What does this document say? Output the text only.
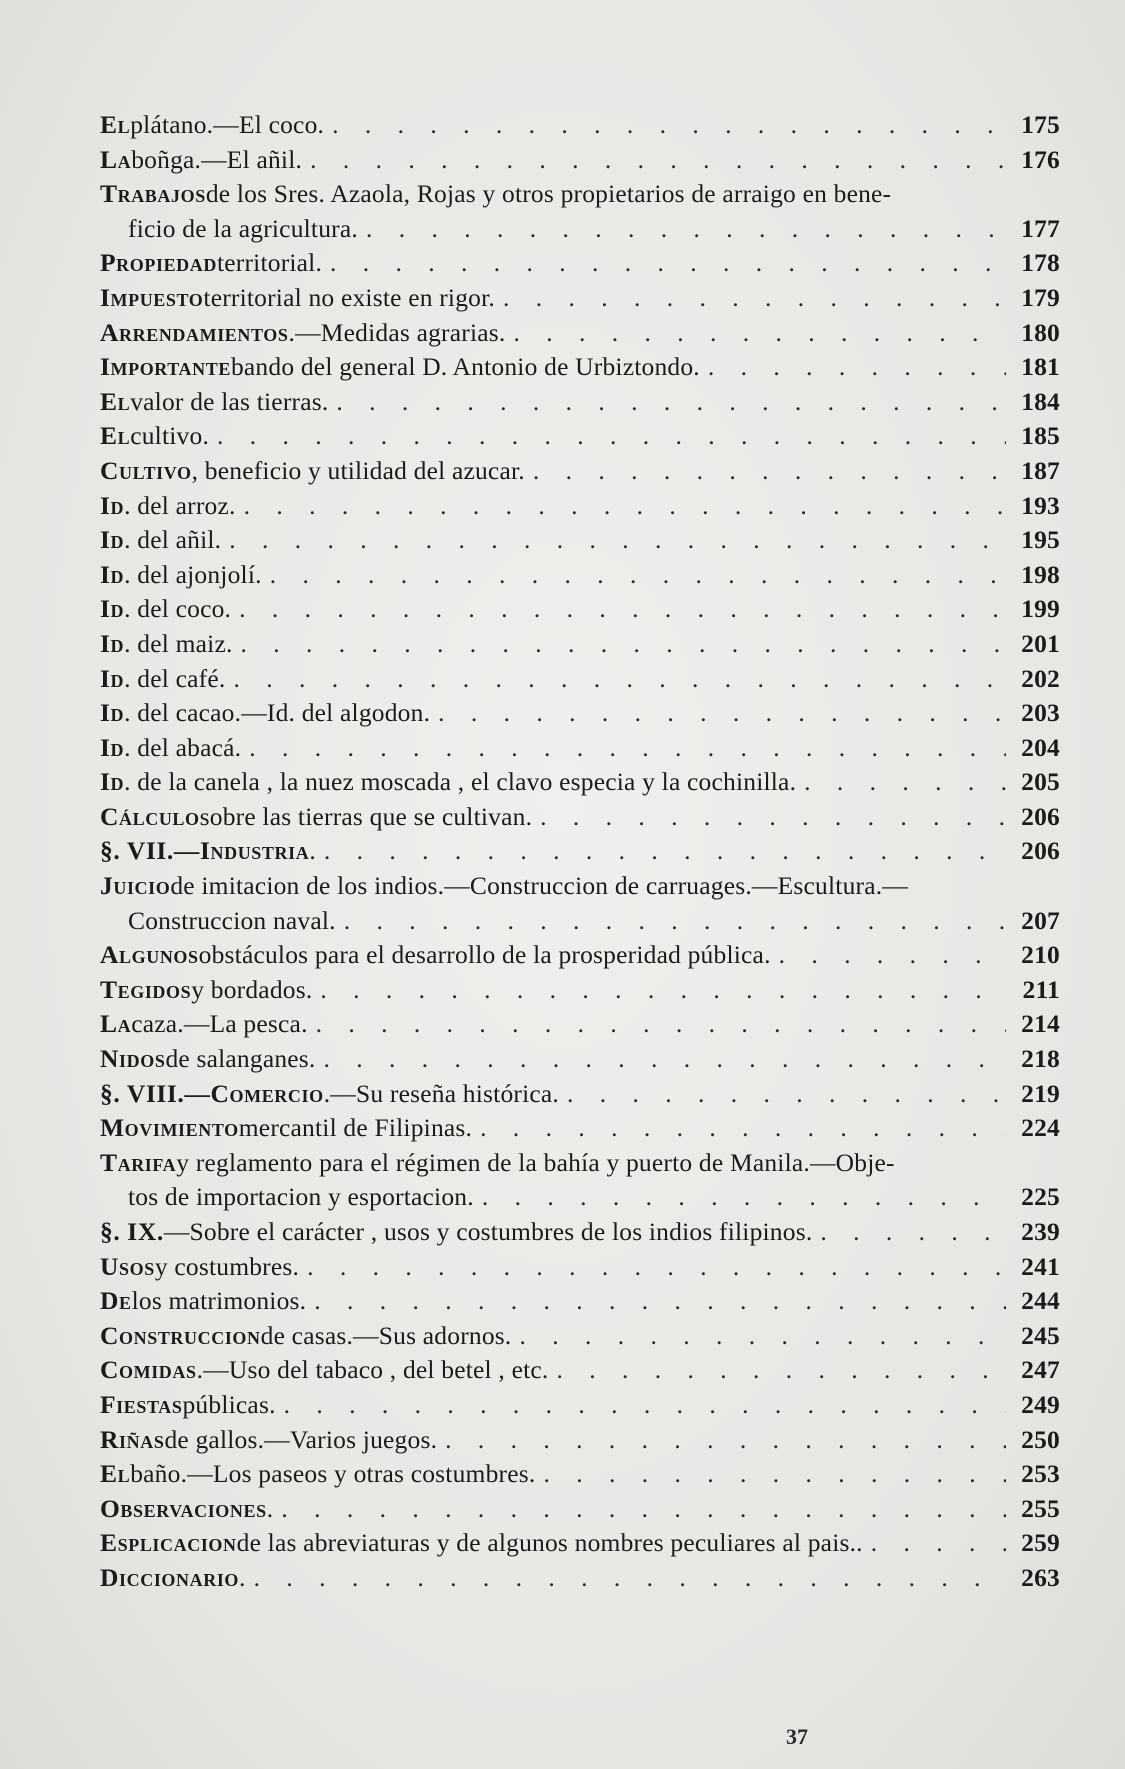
El plátano.—El coco. . . .	175
La boñga.—El añil. . . .	176
Trabajos de los Sres. Azaola, Rojas y otros propietarios de arraigo en bene-
ficio de la agricultura. . . .	177
Propiedad territorial. . . .	178
Impuesto territorial no existe en rigor. . . .	179
Arrendamientos .—Medidas agrarias. . . .	180
Importante bando del general D. Antonio de Urbiztondo. . . .	181
El valor de las tierras. . . .	184
El cultivo. . . .	185
Cultivo , beneficio y utilidad del azucar. . . .	187
Id . del arroz. . . .	193
Id . del añil. . . .	195
Id . del ajonjolí. . . .	198
Id . del coco. . . .	199
Id . del maiz. . . .	201
Id . del café. . . .	202
Id . del cacao.—Id. del algodon. . . .	203
Id . del abacá. . . .	204
Id . de la canela , la nuez moscada , el clavo especia y la cochinilla. . . .	205
Cálculo sobre las tierras que se cultivan. . . .	206
§. VII.—Industria . . . .	206
Juicio de imitacion de los indios.—Construccion de carruages.—Escultura.—
Construccion naval. . . .	207
Algunos obstáculos para el desarrollo de la prosperidad pública. . . .	210
Tegidos y bordados. . . .	211
La caza.—La pesca. . . .	214
Nidos de salanganes. . . .	218
§. VIII.—Comercio .—Su reseña histórica. . . .	219
Movimiento mercantil de Filipinas. . . .	224
Tarifa y reglamento para el régimen de la bahía y puerto de Manila.—Obje-
tos de importacion y esportacion. . . .	225
§. IX. —Sobre el carácter , usos y costumbres de los indios filipinos. . . .	239
Usos y costumbres. . . .	241
De los matrimonios. . . .	244
Construccion de casas.—Sus adornos. . . .	245
Comidas .—Uso del tabaco , del betel , etc. . . .	247
Fiestas públicas. . . .	249
Riñas de gallos.—Varios juegos. . . .	250
El baño.—Los paseos y otras costumbres. . . .	253
Observaciones . . . .	255
Esplicacion de las abreviaturas y de algunos nombres peculiares al pais.. . . .	259
Diccionario . . . .	263
37
